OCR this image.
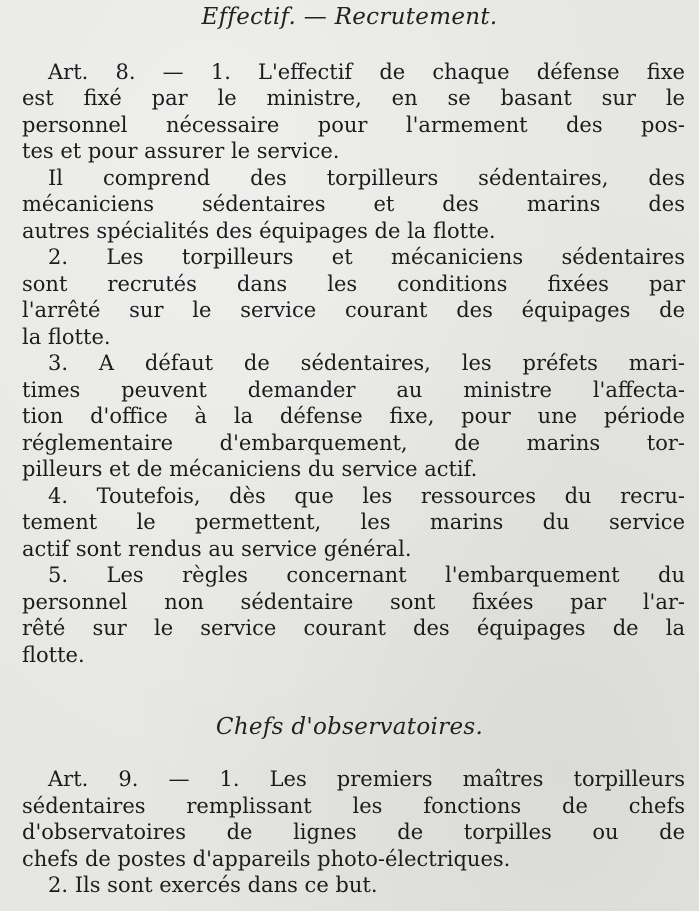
Effectif. — Recrutement.
Art. 8. — 1. L'effectif de chaque défense fixe
est fixé par le ministre, en se basant sur le
personnel nécessaire pour l'armement des pos-
tes et pour assurer le service.
Il comprend des torpilleurs sédentaires, des
mécaniciens sédentaires et des marins des
autres spécialités des équipages de la flotte.
2. Les torpilleurs et mécaniciens sédentaires
sont recrutés dans les conditions fixées par
l'arrêté sur le service courant des équipages de
la flotte.
3. A défaut de sédentaires, les préfets mari-
times peuvent demander au ministre l'affecta-
tion d'office à la défense fixe, pour une période
réglementaire d'embarquement, de marins tor-
pilleurs et de mécaniciens du service actif.
4. Toutefois, dès que les ressources du recru-
tement le permettent, les marins du service
actif sont rendus au service général.
5. Les règles concernant l'embarquement du
personnel non sédentaire sont fixées par l'ar-
rêté sur le service courant des équipages de la
flotte.
Chefs d'observatoires.
Art. 9. — 1. Les premiers maîtres torpilleurs
sédentaires remplissant les fonctions de chefs
d'observatoires de lignes de torpilles ou de
chefs de postes d'appareils photo-électriques.
2. Ils sont exercés dans ce but.
